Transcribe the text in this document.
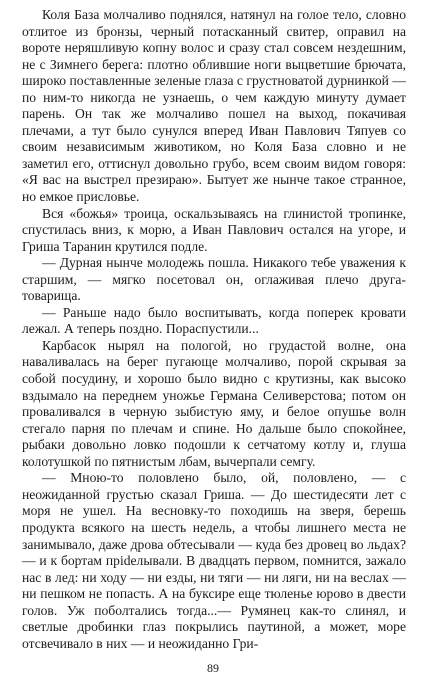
Коля База молчаливо поднялся, натянул на голое тело, словно отлитое из бронзы, черный потасканный свитер, оправил на вороте неряшливую копну волос и сразу стал совсем нездешним, не с Зимнего берега: плотно облившие ноги выцветшие брючата, широко поставленные зеленые глаза с грустноватой дурнинкой — по ним-то никогда не узнаешь, о чем каждую минуту думает парень. Он так же молчаливо пошел на выход, покачивая плечами, а тут было сунулся вперед Иван Павлович Тяпуев со своим независимым животиком, но Коля База словно и не заметил его, оттиснул довольно грубо, всем своим видом говоря: «Я вас на выстрел презираю». Бытует же нынче такое странное, но емкое присловье.

Вся «божья» троица, оскальзываясь на глинистой тропинке, спустилась вниз, к морю, а Иван Павлович остался на угоре, и Гриша Таранин крутился подле.

— Дурная нынче молодежь пошла. Никакого тебе уважения к старшим, — мягко посетовал он, оглаживая плечо друга-товарища.

— Раньше надо было воспитывать, когда поперек кровати лежал. А теперь поздно. Пораспустили...

Карбасок нырял на пологой, но грудастой волне, она наваливалась на берег пугающе молчаливо, порой скрывая за собой посудину, и хорошо было видно с крутизны, как высоко вздымало на переднем уножье Германа Селиверстова; потом он проваливался в черную зыбистую яму, и белое опушье волн стегало парня по плечам и спине. Но дальше было спокойнее, рыбаки довольно ловко подошли к сетчатому котлу и, глуша колотушкой по пятнистым лбам, вычерпали семгу.

— Мною-то половлено было, ой, половлено, — с неожиданной грустью сказал Гриша. — До шестидесяти лет с моря не ушел. На весновку-то походишь на зверя, берешь продукта всякого на шесть недель, а чтобы лишнего места не занимывало, даже дрова обтесывали — куда без дровец во льдах?— и к бортам прideлывали. В двадцать первом, помнится, зажало нас в лед: ни ходу — ни езды, ни тяги — ни ляги, ни на веслах — ни пешком не попасть. А на буксире еще тюленье юрово в двести голов. Уж поболтались тогда...— Румянец как-то слинял, и светлые дробинки глаз покрылись паутиной, а может, море отсвечивало в них — и неожиданно Гри-

89
